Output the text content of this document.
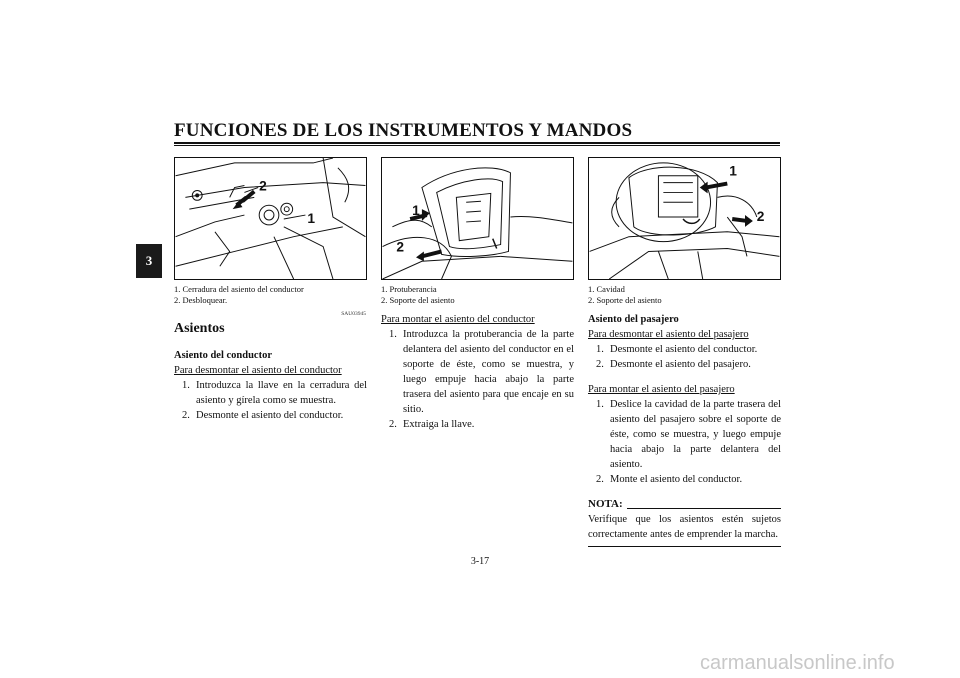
FUNCIONES DE LOS INSTRUMENTOS Y MANDOS
3
1
2
1
2
1
2
1. Cerradura del asiento del conductor
2. Desbloquear.
1. Protuberancia
2. Soporte del asiento
1. Cavidad
2. Soporte del asiento
SAU03945
Asientos
Asiento del conductor
Para desmontar el asiento del conductor
1. Introduzca la llave en la cerradura del asiento y gírela como se muestra.
2. Desmonte el asiento del conductor.
Para montar el asiento del conductor
1. Introduzca la protuberancia de la parte delantera del asiento del conductor en el soporte de éste, como se muestra, y luego empuje hacia abajo la parte trasera del asiento para que encaje en su sitio.
2. Extraiga la llave.
Asiento del pasajero
Para desmontar el asiento del pasajero
1. Desmonte el asiento del conductor.
2. Desmonte el asiento del pasajero.
Para montar el asiento del pasajero
1. Deslice la cavidad de la parte trasera del asiento del pasajero sobre el soporte de éste, como se muestra, y luego empuje hacia abajo la parte delantera del asiento.
2. Monte el asiento del conductor.
NOTA:
Verifique que los asientos estén sujetos correctamente antes de emprender la marcha.
3-17
carmanualsonline.info
